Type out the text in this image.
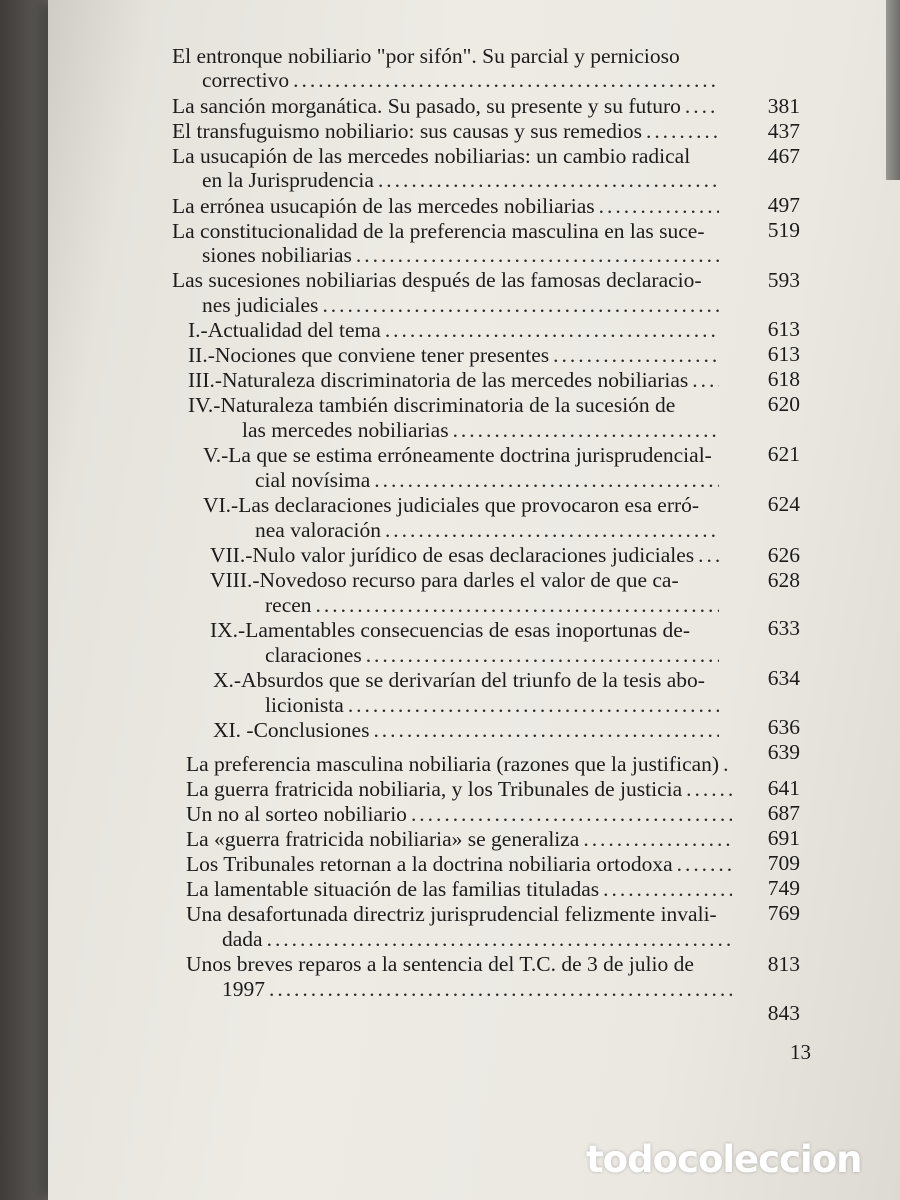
El entronque nobiliario "por sifón". Su parcial y pernicioso
correctivo
. . .
La sanción morganática. Su pasado, su presente y su futuro
. . .
El transfuguismo nobiliario: sus causas y sus remedios
. . .
La usucapión de las mercedes nobiliarias: un cambio radical
en la Jurisprudencia
. . .
La errónea usucapión de las mercedes nobiliarias
. . .
La constitucionalidad de la preferencia masculina en las suce-
siones nobiliarias
. . .
Las sucesiones nobiliarias después de las famosas declaracio-
nes judiciales
. . .
I.-Actualidad del tema
. . .
II.-Nociones que conviene tener presentes
. . .
III.-Naturaleza discriminatoria de las mercedes nobiliarias
. . .
IV.-Naturaleza también discriminatoria de la sucesión de
las mercedes nobiliarias
. . .
V.-La que se estima erróneamente doctrina jurisprudencial-
cial novísima
. . .
VI.-Las declaraciones judiciales que provocaron esa erró-
nea valoración
. . .
VII.-Nulo valor jurídico de esas declaraciones judiciales
. . .
VIII.-Novedoso recurso para darles el valor de que ca-
recen
. . .
IX.-Lamentables consecuencias de esas inoportunas de-
claraciones
. . .
X.-Absurdos que se derivarían del triunfo de la tesis abo-
licionista
. . .
XI. -Conclusiones
. . .
La preferencia masculina nobiliaria (razones que la justifican)
. . .
La guerra fratricida nobiliaria, y los Tribunales de justicia
. . .
Un no al sorteo nobiliario
. . .
La «guerra fratricida nobiliaria» se generaliza
. . .
Los Tribunales retornan a la doctrina nobiliaria ortodoxa
. . .
La lamentable situación de las familias tituladas
. . .
Una desafortunada directriz jurisprudencial felizmente invali-
dada
. . .
Unos breves reparos a la sentencia del T.C. de 3 de julio de
1997
. . .
381
437
467
497
519
593
613
613
618
620
621
624
626
628
633
634
636
639
641
687
691
709
749
769
813
843
13
todocoleccion
